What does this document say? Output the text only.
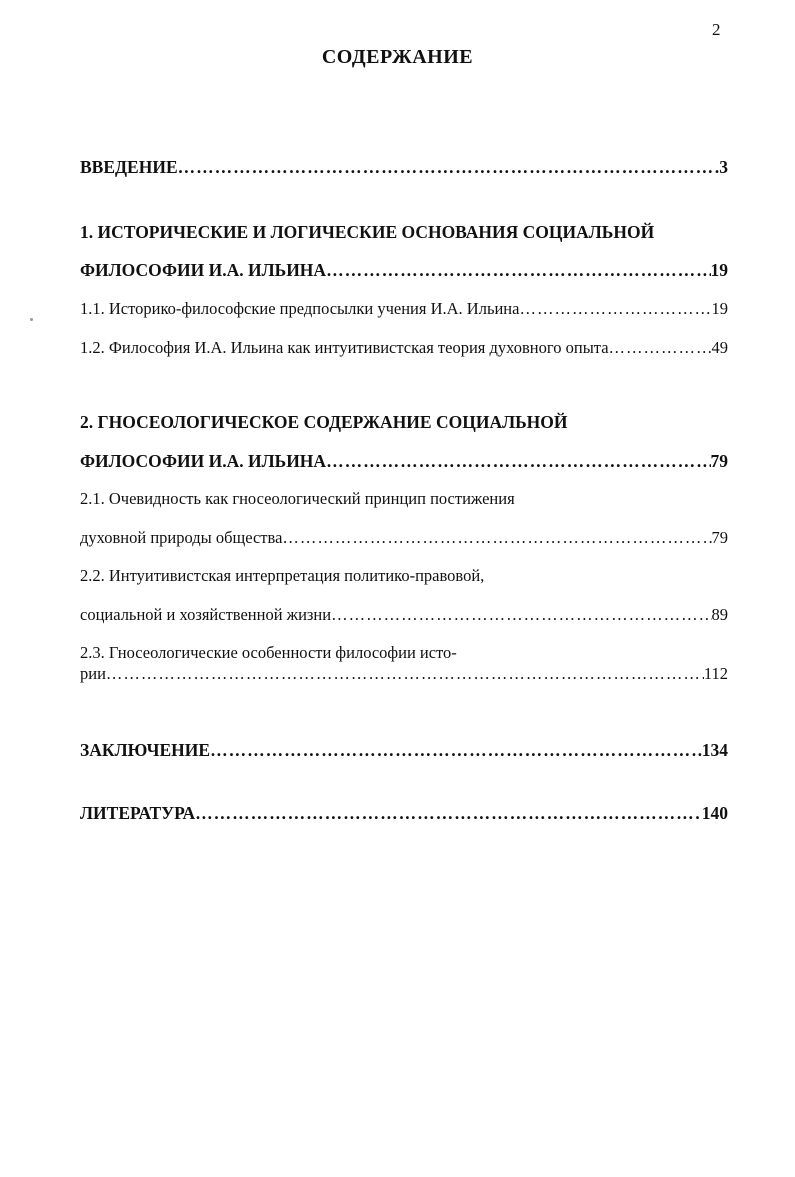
2
СОДЕРЖАНИЕ
ВВЕДЕНИЕ ……………………………………………………………………………………………………………………………………………………………………………………………………………	3
1. ИСТОРИЧЕСКИЕ И ЛОГИЧЕСКИЕ ОСНОВАНИЯ СОЦИАЛЬНОЙ
ФИЛОСОФИИ И.А. ИЛЬИНА ……………………………………………………………………………………………………………………………………………………………………………………………………………	19
1.1. Историко-философские предпосылки учения И.А. Ильина ……………………………………………………………………………………………………………………………………………………………………………………………………………	19
1.2. Философия И.А. Ильина как интуитивистская теория духовного опыта ……………………………………………………………………………………………………………………………………………………………………………………………………………	49
2. ГНОСЕОЛОГИЧЕСКОЕ СОДЕРЖАНИЕ СОЦИАЛЬНОЙ
ФИЛОСОФИИ И.А. ИЛЬИНА ……………………………………………………………………………………………………………………………………………………………………………………………………………	79
2.1. Очевидность как гносеологический принцип постижения
духовной природы общества ……………………………………………………………………………………………………………………………………………………………………………………………………………	79
2.2. Интуитивистская интерпретация политико-правовой,
социальной и хозяйственной жизни ……………………………………………………………………………………………………………………………………………………………………………………………………………	89
2.3. Гносеологические особенности философии исто-
рии ……………………………………………………………………………………………………………………………………………………………………………………………………………	112
ЗАКЛЮЧЕНИЕ ……………………………………………………………………………………………………………………………………………………………………………………………………………	134
ЛИТЕРАТУРА ……………………………………………………………………………………………………………………………………………………………………………………………………………	140
